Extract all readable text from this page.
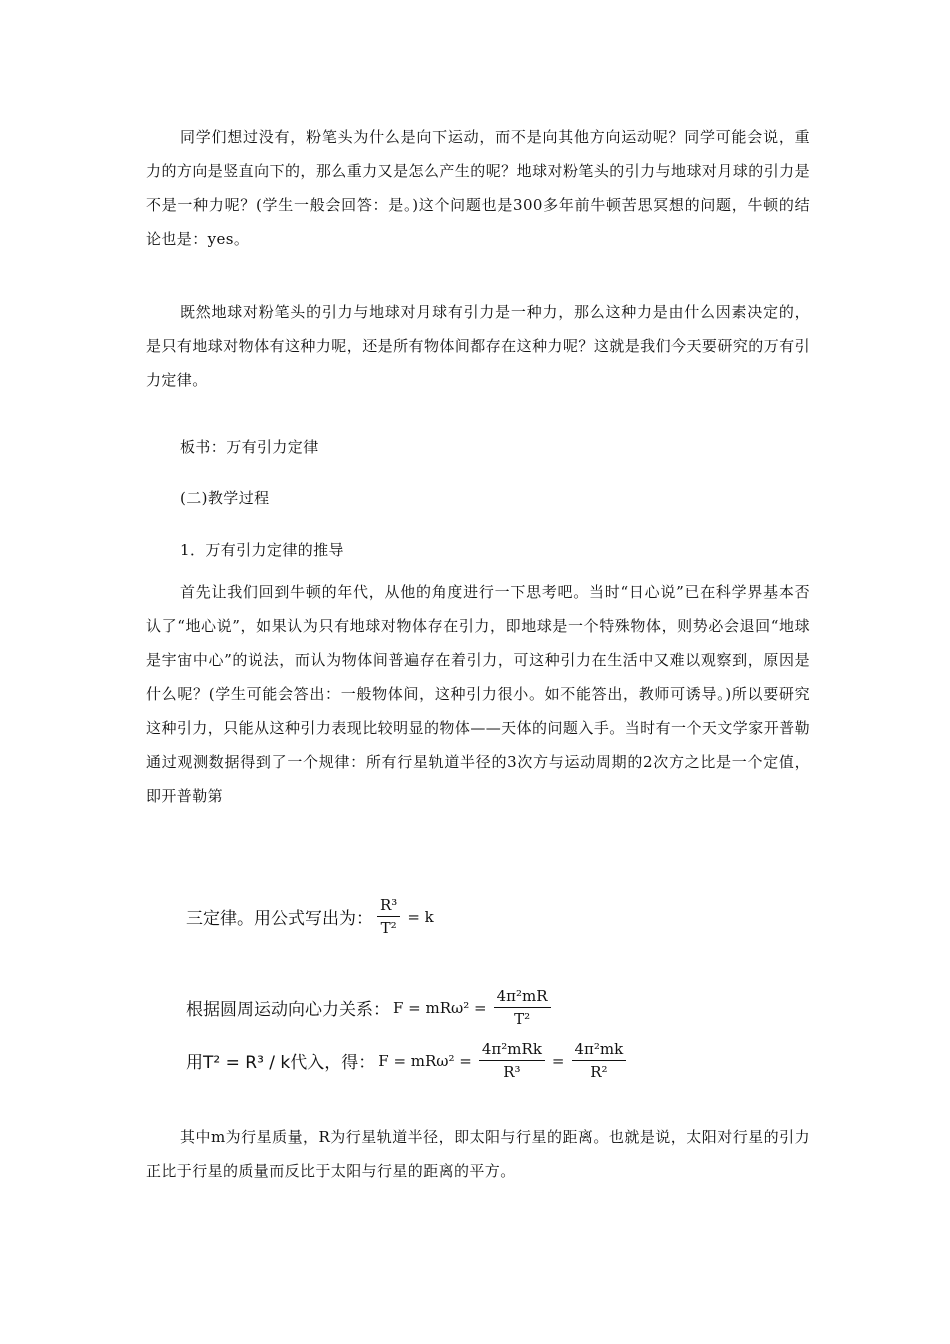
同学们想过没有，粉笔头为什么是向下运动，而不是向其他方向运动呢？同学可能会说，重力的方向是竖直向下的，那么重力又是怎么产生的呢？地球对粉笔头的引力与地球对月球的引力是不是一种力呢？(学生一般会回答：是。)这个问题也是300多年前牛顿苦思冥想的问题，牛顿的结论也是：yes。

既然地球对粉笔头的引力与地球对月球有引力是一种力，那么这种力是由什么因素决定的，是只有地球对物体有这种力呢，还是所有物体间都存在这种力呢？这就是我们今天要研究的万有引力定律。

板书：万有引力定律
(二)教学过程
1．万有引力定律的推导

首先让我们回到牛顿的年代，从他的角度进行一下思考吧。当时“日心说”已在科学界基本否认了“地心说”，如果认为只有地球对物体存在引力，即地球是一个特殊物体，则势必会退回“地球是宇宙中心”的说法，而认为物体间普遍存在着引力，可这种引力在生活中又难以观察到，原因是什么呢？(学生可能会答出：一般物体间，这种引力很小。如不能答出，教师可诱导。)所以要研究这种引力，只能从这种引力表现比较明显的物体——天体的问题入手。当时有一个天文学家开普勒通过观测数据得到了一个规律：所有行星轨道半径的3次方与运动周期的2次方之比是一个定值，即开普勒第

三定律。用公式写出为： $\frac{\text{R³}}{\text{T²}} = k$
根据圆周运动向心力关系： $F = mR\omega^2 = \frac{\text{4π²mR}}{\text{T²}}$
用T² = R³ / k代入，得： $F = mR\omega^2 = \frac{\text{4π²mRk}}{\text{R³}} = \frac{\text{4π²mk}}{\text{R²}}$

其中m为行星质量，R为行星轨道半径，即太阳与行星的距离。也就是说，太阳对行星的引力正比于行星的质量而反比于太阳与行星的距离的平方。
